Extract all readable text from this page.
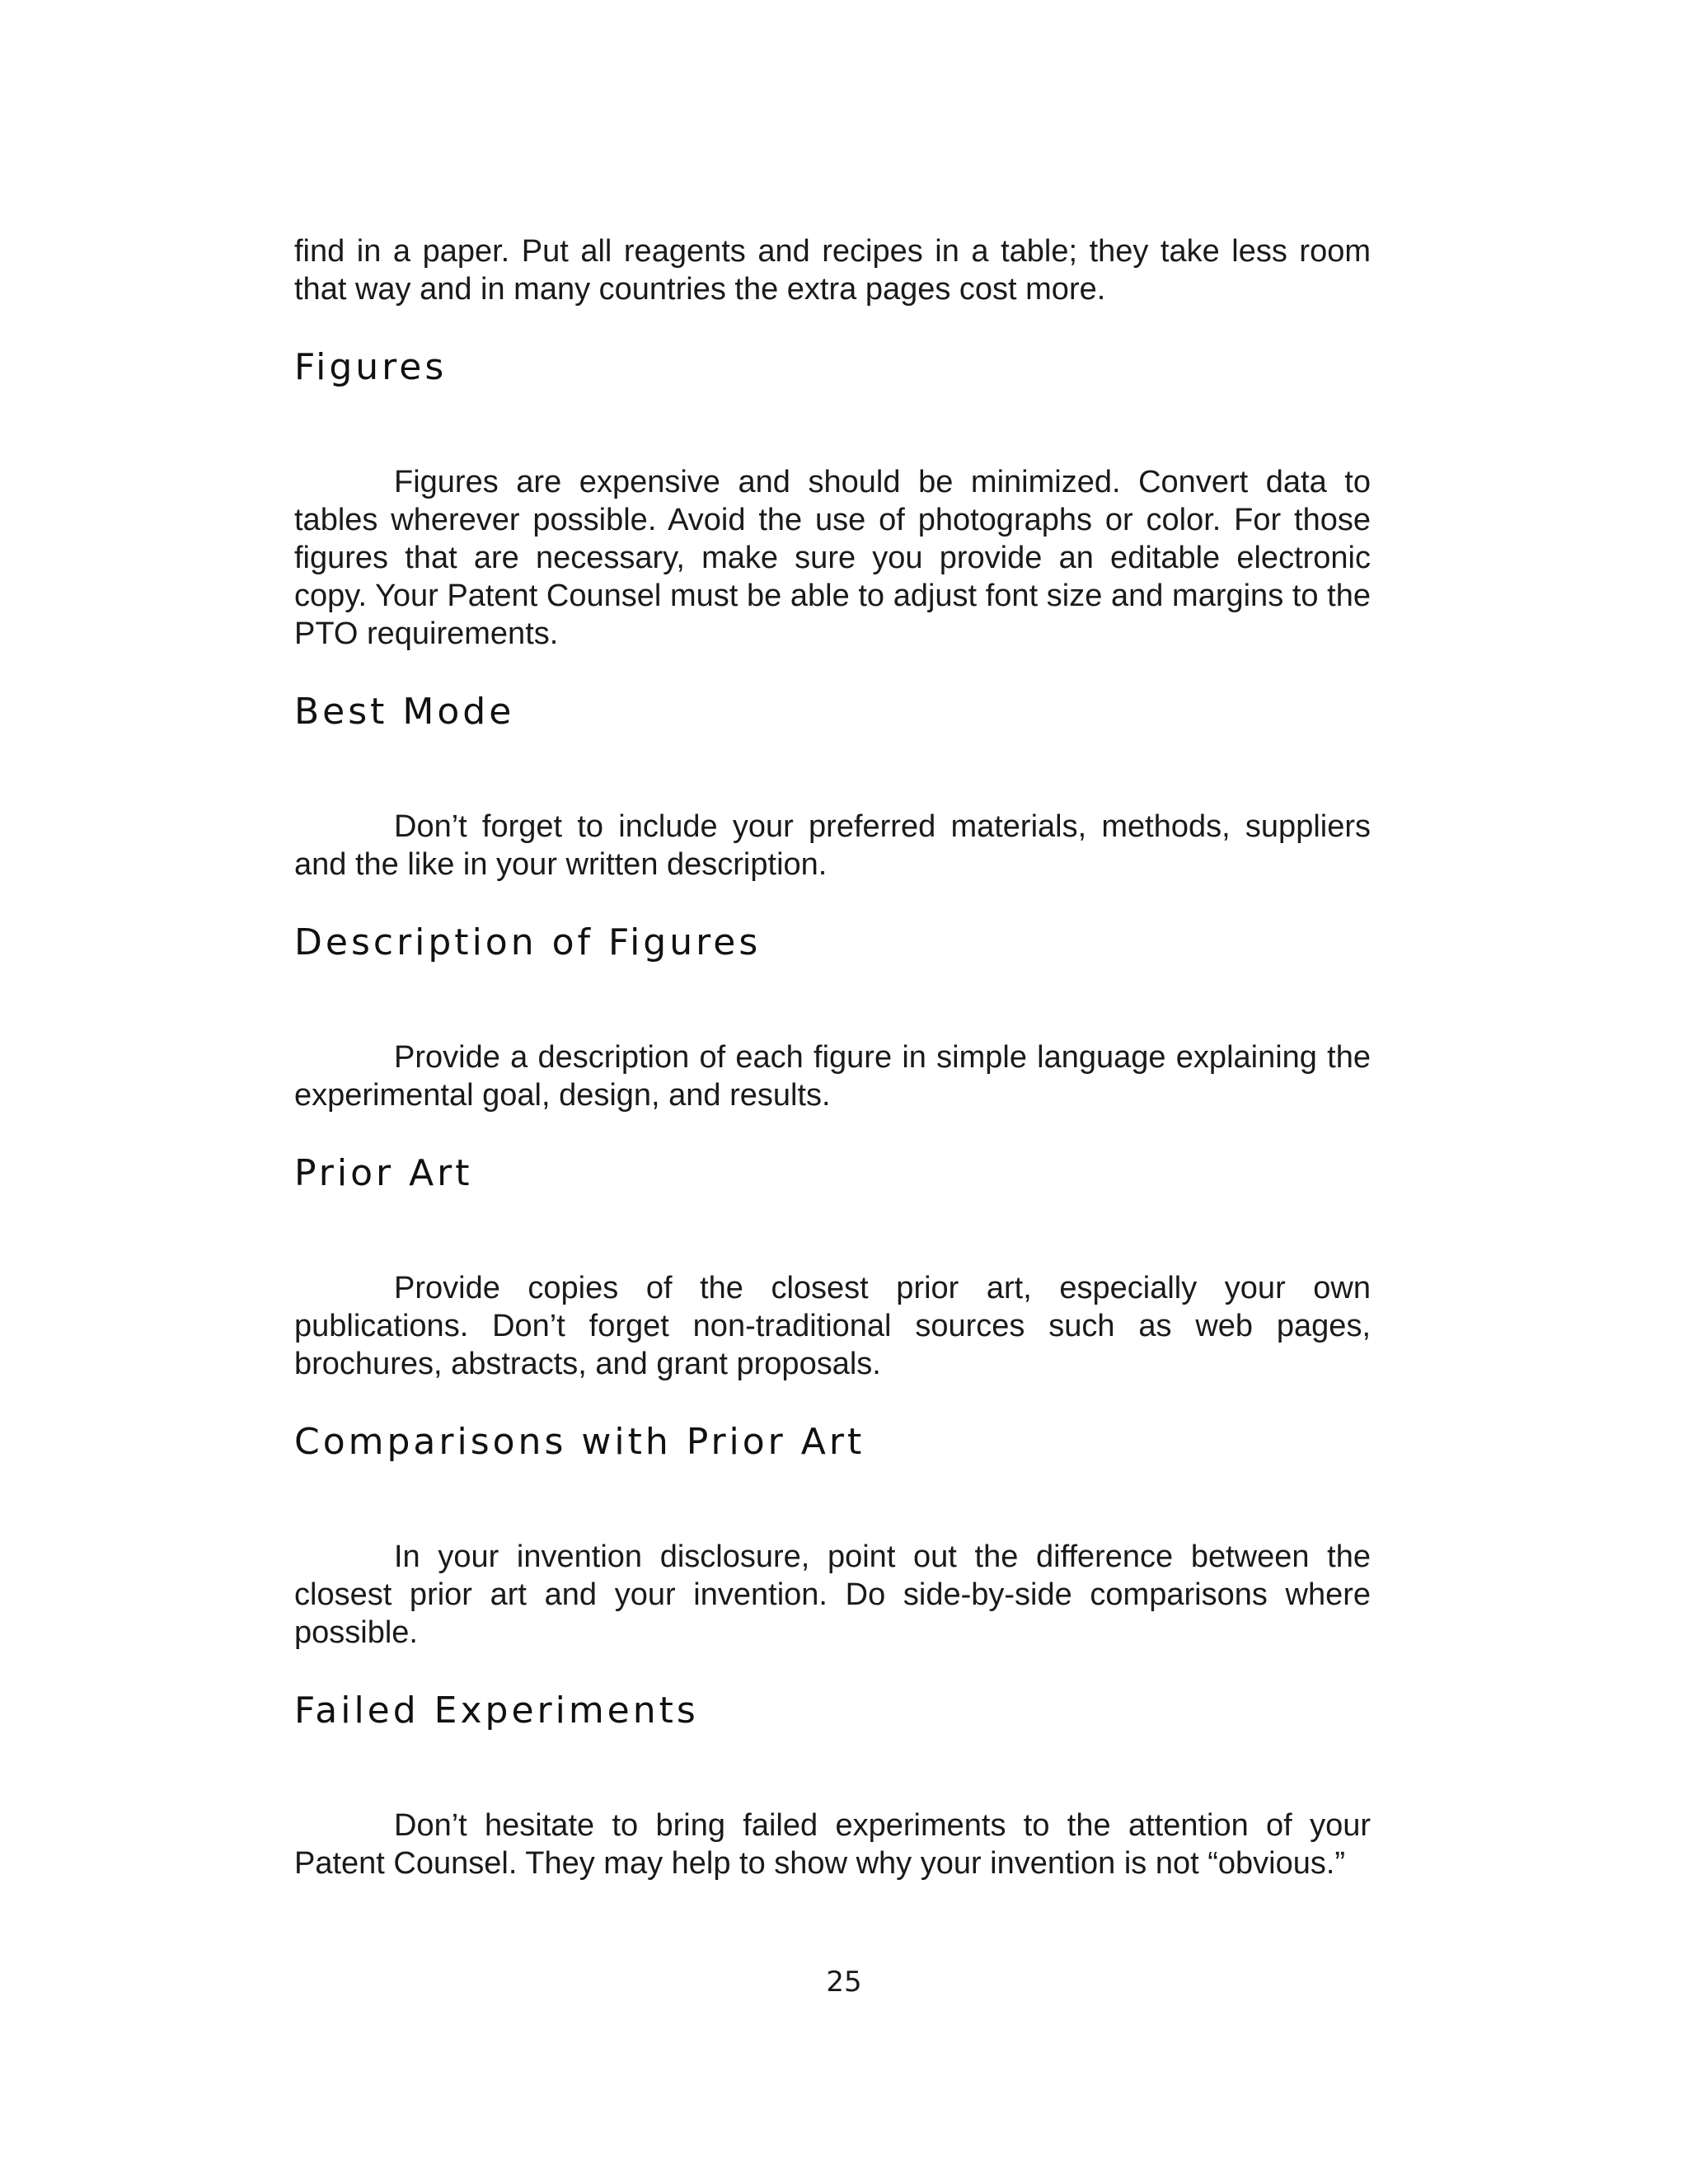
find in a paper. Put all reagents and recipes in a table; they take less room that way and in many countries the extra pages cost more.

Figures

Figures are expensive and should be minimized. Convert data to tables wherever possible. Avoid the use of photographs or color. For those figures that are necessary, make sure you provide an editable electronic copy. Your Patent Counsel must be able to adjust font size and margins to the PTO requirements.

Best Mode

Don’t forget to include your preferred materials, methods, suppliers and the like in your written description.

Description of Figures

Provide a description of each figure in simple language explaining the experimental goal, design, and results.

Prior Art

Provide copies of the closest prior art, especially your own publications. Don’t forget non-traditional sources such as web pages, brochures, abstracts, and grant proposals.

Comparisons with Prior Art

In your invention disclosure, point out the difference between the closest prior art and your invention. Do side-by-side comparisons where possible.

Failed Experiments

Don’t hesitate to bring failed experiments to the attention of your Patent Counsel. They may help to show why your invention is not “obvious.”

25
